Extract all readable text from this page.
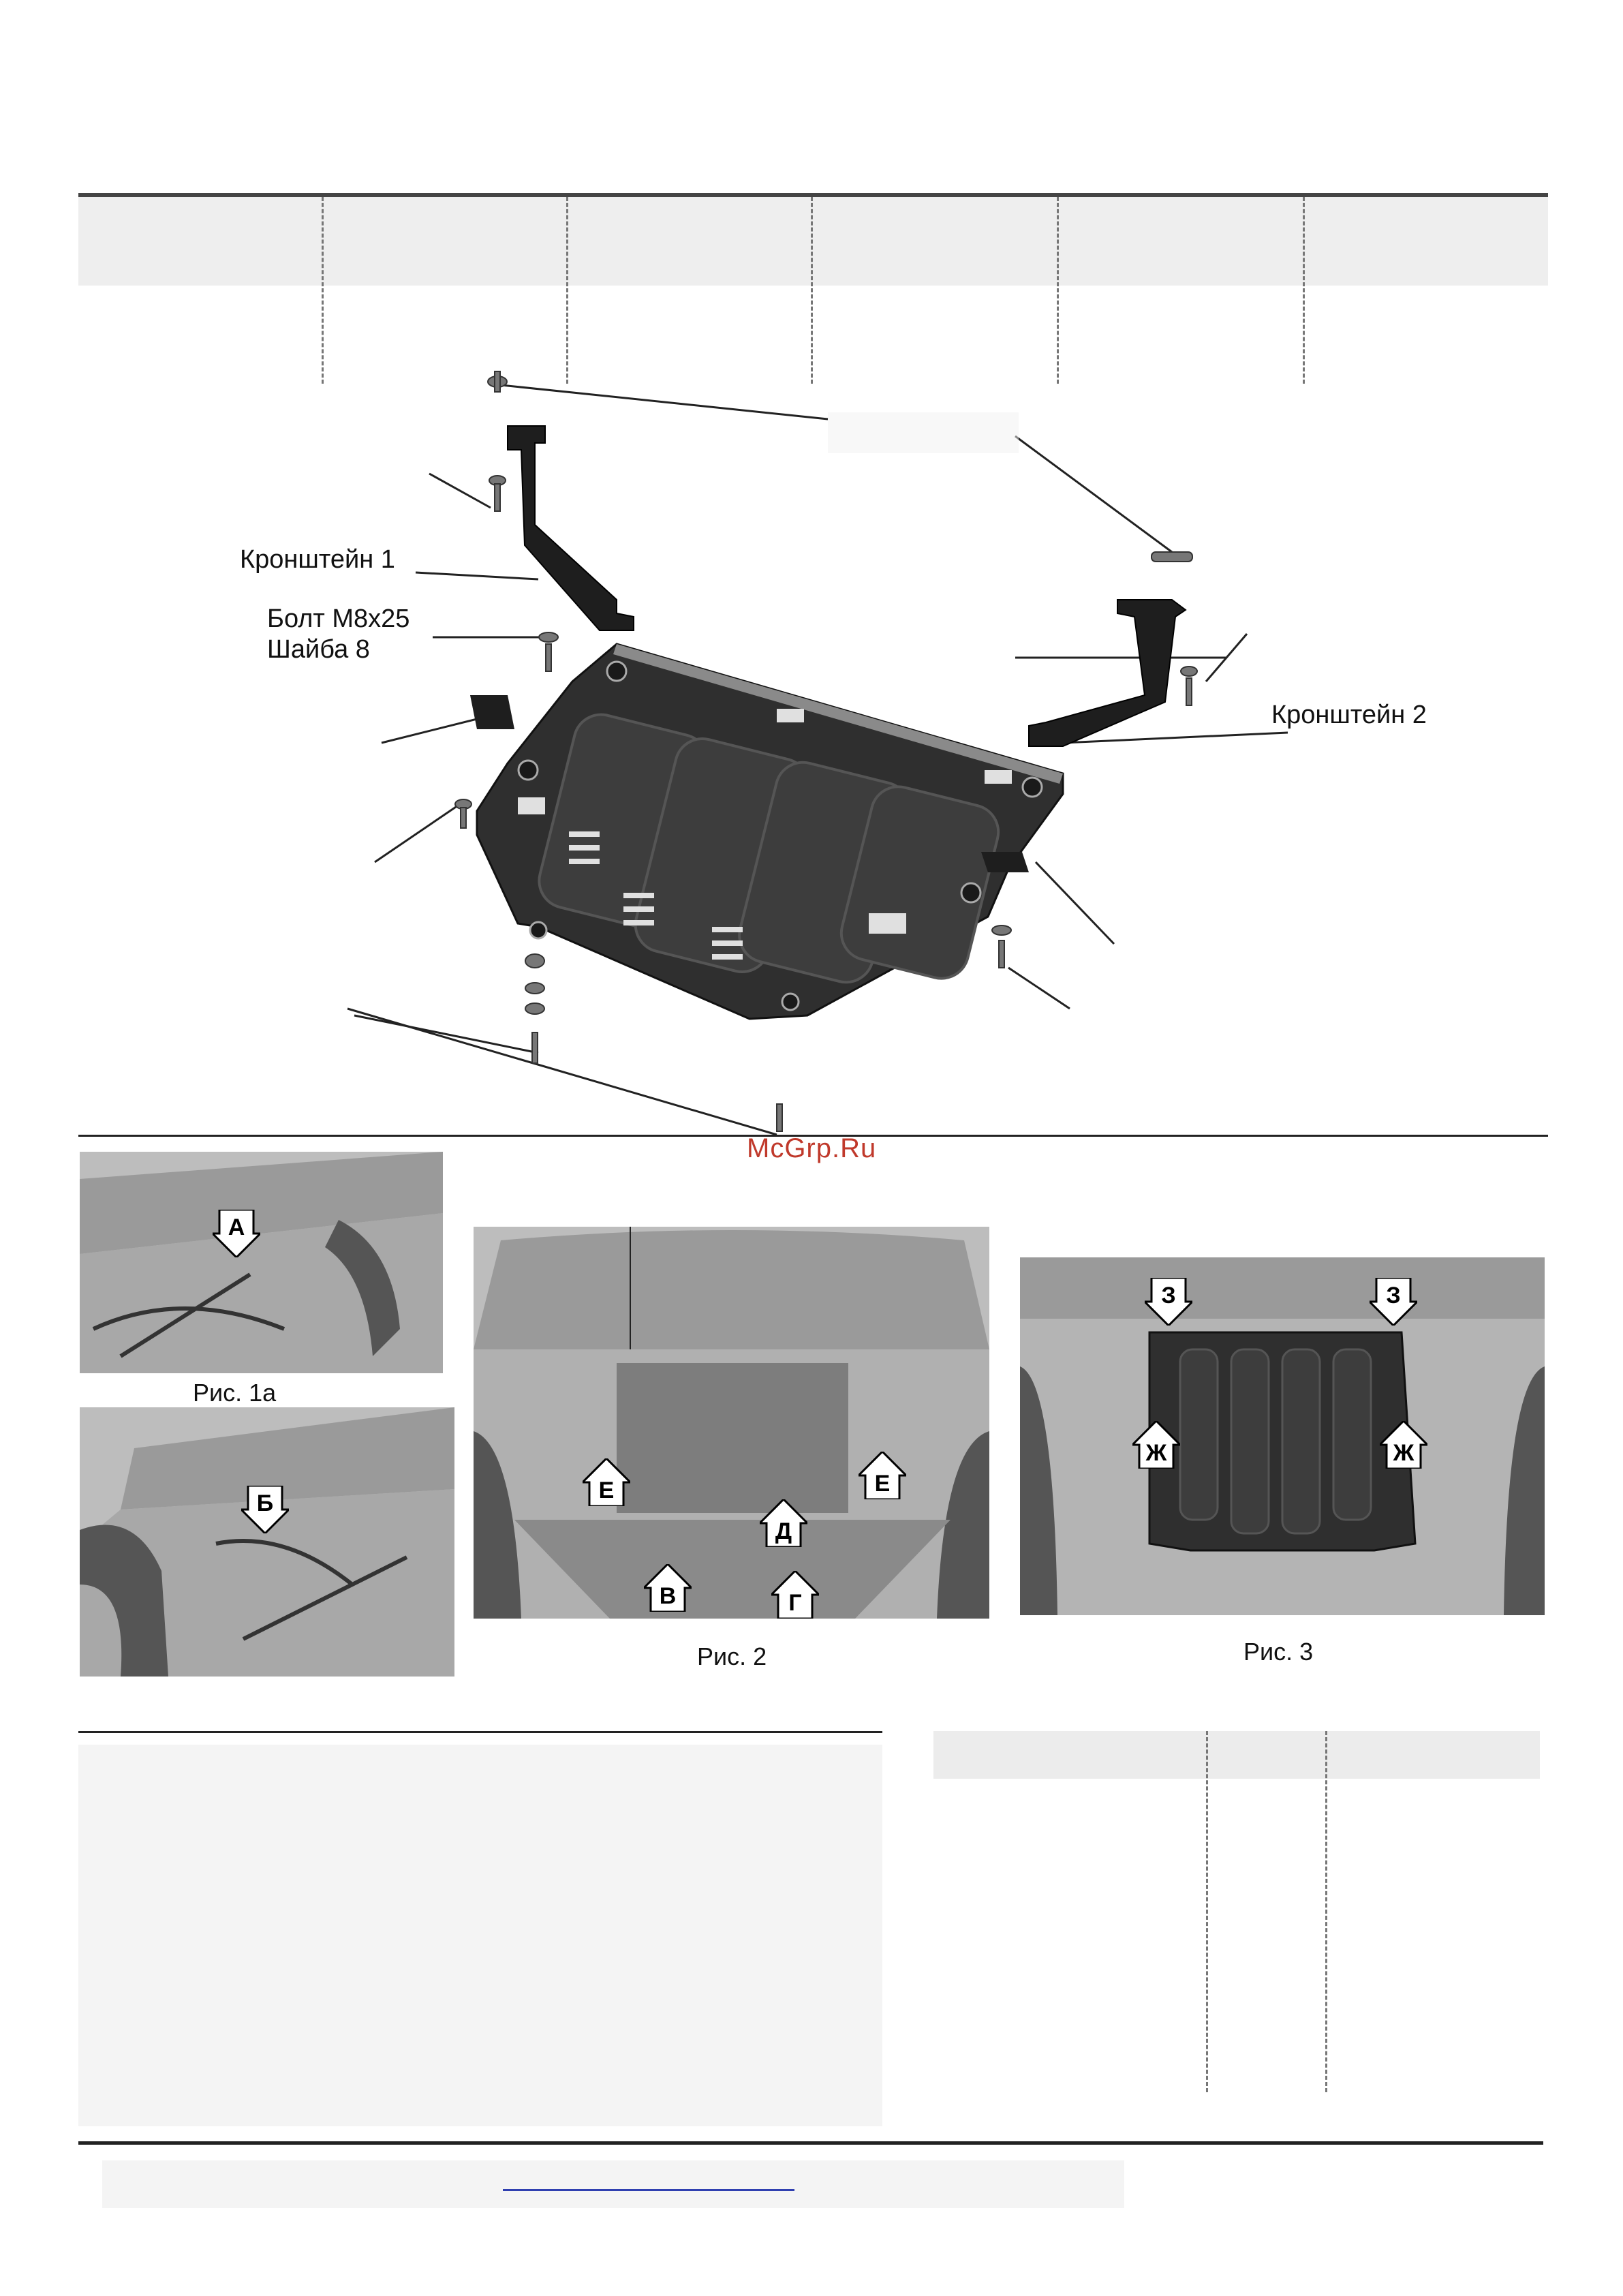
Кронштейн 1
Болт М8х25
Шайба 8
Кронштейн 2
McGrp.Ru
А
Рис. 1а
Б	Е	Е
Д
В	Г
Рис. 2
З	З
Ж	Ж
Рис. 3
